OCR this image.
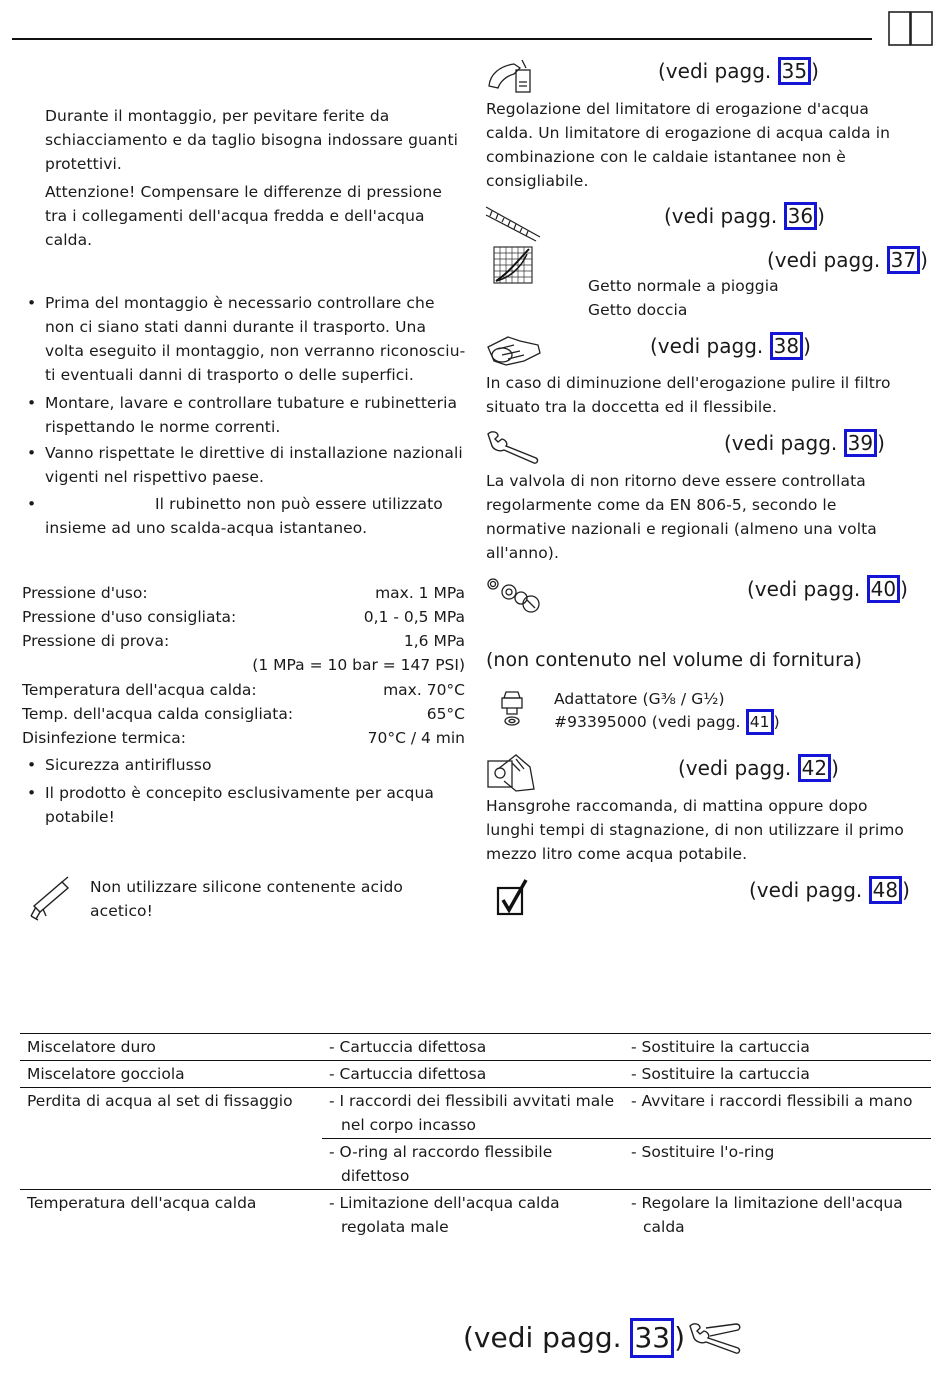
Durante il montaggio, per pevitare ferite da schiacciamento e da taglio bisogna indossare guanti protettivi.
Attenzione! Compensare le differenze di pressione tra i collegamenti dell'acqua fredda e dell'acqua calda.
• Prima del montaggio è necessario controllare che non ci siano stati danni durante il trasporto. Una volta eseguito il montaggio, non verranno riconosciu-ti eventuali danni di trasporto o delle superfici.
• Montare, lavare e controllare tubature e rubinetteria rispettando le norme correnti.
• Vanno rispettate le direttive di installazione nazionali vigenti nel rispettivo paese.
• Il rubinetto non può essere utilizzato insieme ad uno scalda-acqua istantaneo.
Pressione d'uso:	max. 1 MPa
Pressione d'uso consigliata:	0,1 - 0,5 MPa
Pressione di prova:	1,6 MPa
(1 MPa = 10 bar = 147 PSI)
Temperatura dell'acqua calda:	max. 70°C
Temp. dell'acqua calda consigliata:	65°C
Disinfezione termica:	70°C / 4 min
• Sicurezza antiriflusso
• Il prodotto è concepito esclusivamente per acqua potabile!
Non utilizzare silicone contenente acido acetico!
(vedi pagg. 35 )
Regolazione del limitatore di erogazione d'acqua calda. Un limitatore di erogazione di acqua calda in combinazione con le caldaie istantanee non è consigliabile.
(vedi pagg. 36 )
(vedi pagg. 37 )
Getto normale a pioggia
Getto doccia
(vedi pagg. 38 )
In caso di diminuzione dell'erogazione pulire il filtro situato tra la doccetta ed il flessibile.
(vedi pagg. 39 )
La valvola di non ritorno deve essere controllata regolarmente come da EN 806-5, secondo le normative nazionali e regionali (almeno una volta all'anno).
(vedi pagg. 40 )
(non contenuto nel volume di fornitura)
Adattatore (G⅜ / G½)
#93395000 (vedi pagg. 41 )
(vedi pagg. 42 )
Hansgrohe raccomanda, di mattina oppure dopo lunghi tempi di stagnazione, di non utilizzare il primo mezzo litro come acqua potabile.
(vedi pagg. 48 )
Miscelatore duro	- Cartuccia difettosa	- Sostituire la cartuccia

Miscelatore gocciola	- Cartuccia difettosa	- Sostituire la cartuccia

Perdita di acqua al set di fissaggio	- I raccordi dei flessibili avvitati male nel corpo incasso	- Avvitare i raccordi flessibili a mano

	- O-ring al raccordo flessibile difettoso	- Sostituire l'o-ring

Temperatura dell'acqua calda	- Limitazione dell'acqua calda regolata male	- Regolare la limitazione dell'acqua calda
(vedi pagg. 33 )
